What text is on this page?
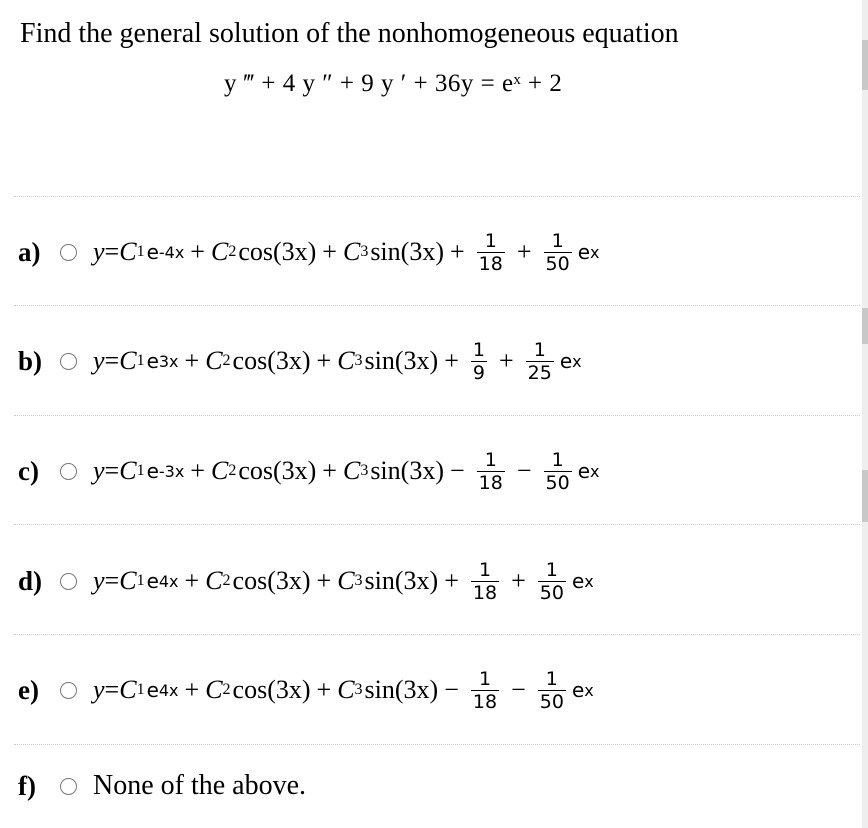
Find the general solution of the nonhomogeneous equation
y ‴ + 4 y ″ + 9 y ′ + 36y = eˣ + 2
a)	y = C 1 e -4x + C 2 cos(3x) + C 3 $\sin(3x) + \frac{1}{18} + \frac{1}{50}$ e x
b)	y = C 1 e 3x + C 2 cos(3x) + C 3 $\sin(3x) + \frac{1}{9} + \frac{1}{25}$ e x
c)	y = C 1 e -3x + C 2 cos(3x) + C 3 $\sin(3x) - \frac{1}{18} - \frac{1}{50}$ e x
d)	y = C 1 e 4x + C 2 cos(3x) + C 3 $\sin(3x) + \frac{1}{18} + \frac{1}{50}$ e x
e)	y = C 1 e 4x + C 2 cos(3x) + C 3 $\sin(3x) - \frac{1}{18} - \frac{1}{50}$ e x
f)	None of the above.
